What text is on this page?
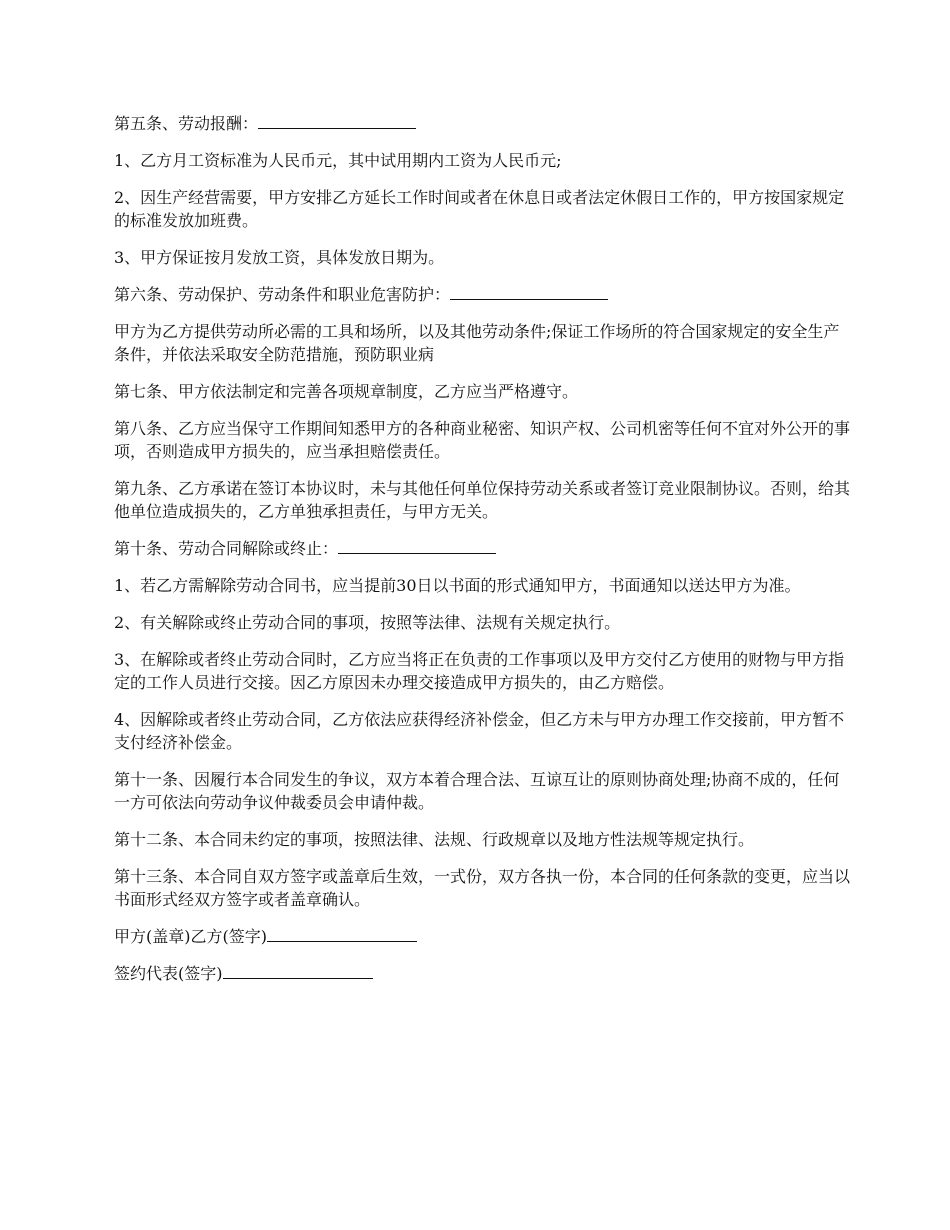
第五条、劳动报酬：

1、乙方月工资标准为人民币元，其中试用期内工资为人民币元;

2、因生产经营需要，甲方安排乙方延长工作时间或者在休息日或者法定休假日工作的，甲方按国家规定的标准发放加班费。

3、甲方保证按月发放工资，具体发放日期为。

第六条、劳动保护、劳动条件和职业危害防护：

甲方为乙方提供劳动所必需的工具和场所，以及其他劳动条件;保证工作场所的符合国家规定的安全生产条件，并依法采取安全防范措施，预防职业病

第七条、甲方依法制定和完善各项规章制度，乙方应当严格遵守。

第八条、乙方应当保守工作期间知悉甲方的各种商业秘密、知识产权、公司机密等任何不宜对外公开的事项，否则造成甲方损失的，应当承担赔偿责任。

第九条、乙方承诺在签订本协议时，未与其他任何单位保持劳动关系或者签订竞业限制协议。否则，给其他单位造成损失的，乙方单独承担责任，与甲方无关。

第十条、劳动合同解除或终止：

1、若乙方需解除劳动合同书，应当提前30日以书面的形式通知甲方，书面通知以送达甲方为准。

2、有关解除或终止劳动合同的事项，按照等法律、法规有关规定执行。

3、在解除或者终止劳动合同时，乙方应当将正在负责的工作事项以及甲方交付乙方使用的财物与甲方指定的工作人员进行交接。因乙方原因未办理交接造成甲方损失的，由乙方赔偿。

4、因解除或者终止劳动合同，乙方依法应获得经济补偿金，但乙方未与甲方办理工作交接前，甲方暂不支付经济补偿金。

第十一条、因履行本合同发生的争议，双方本着合理合法、互谅互让的原则协商处理;协商不成的，任何一方可依法向劳动争议仲裁委员会申请仲裁。

第十二条、本合同未约定的事项，按照法律、法规、行政规章以及地方性法规等规定执行。

第十三条、本合同自双方签字或盖章后生效，一式份，双方各执一份，本合同的任何条款的变更，应当以书面形式经双方签字或者盖章确认。

甲方(盖章)乙方(签字)

签约代表(签字)
